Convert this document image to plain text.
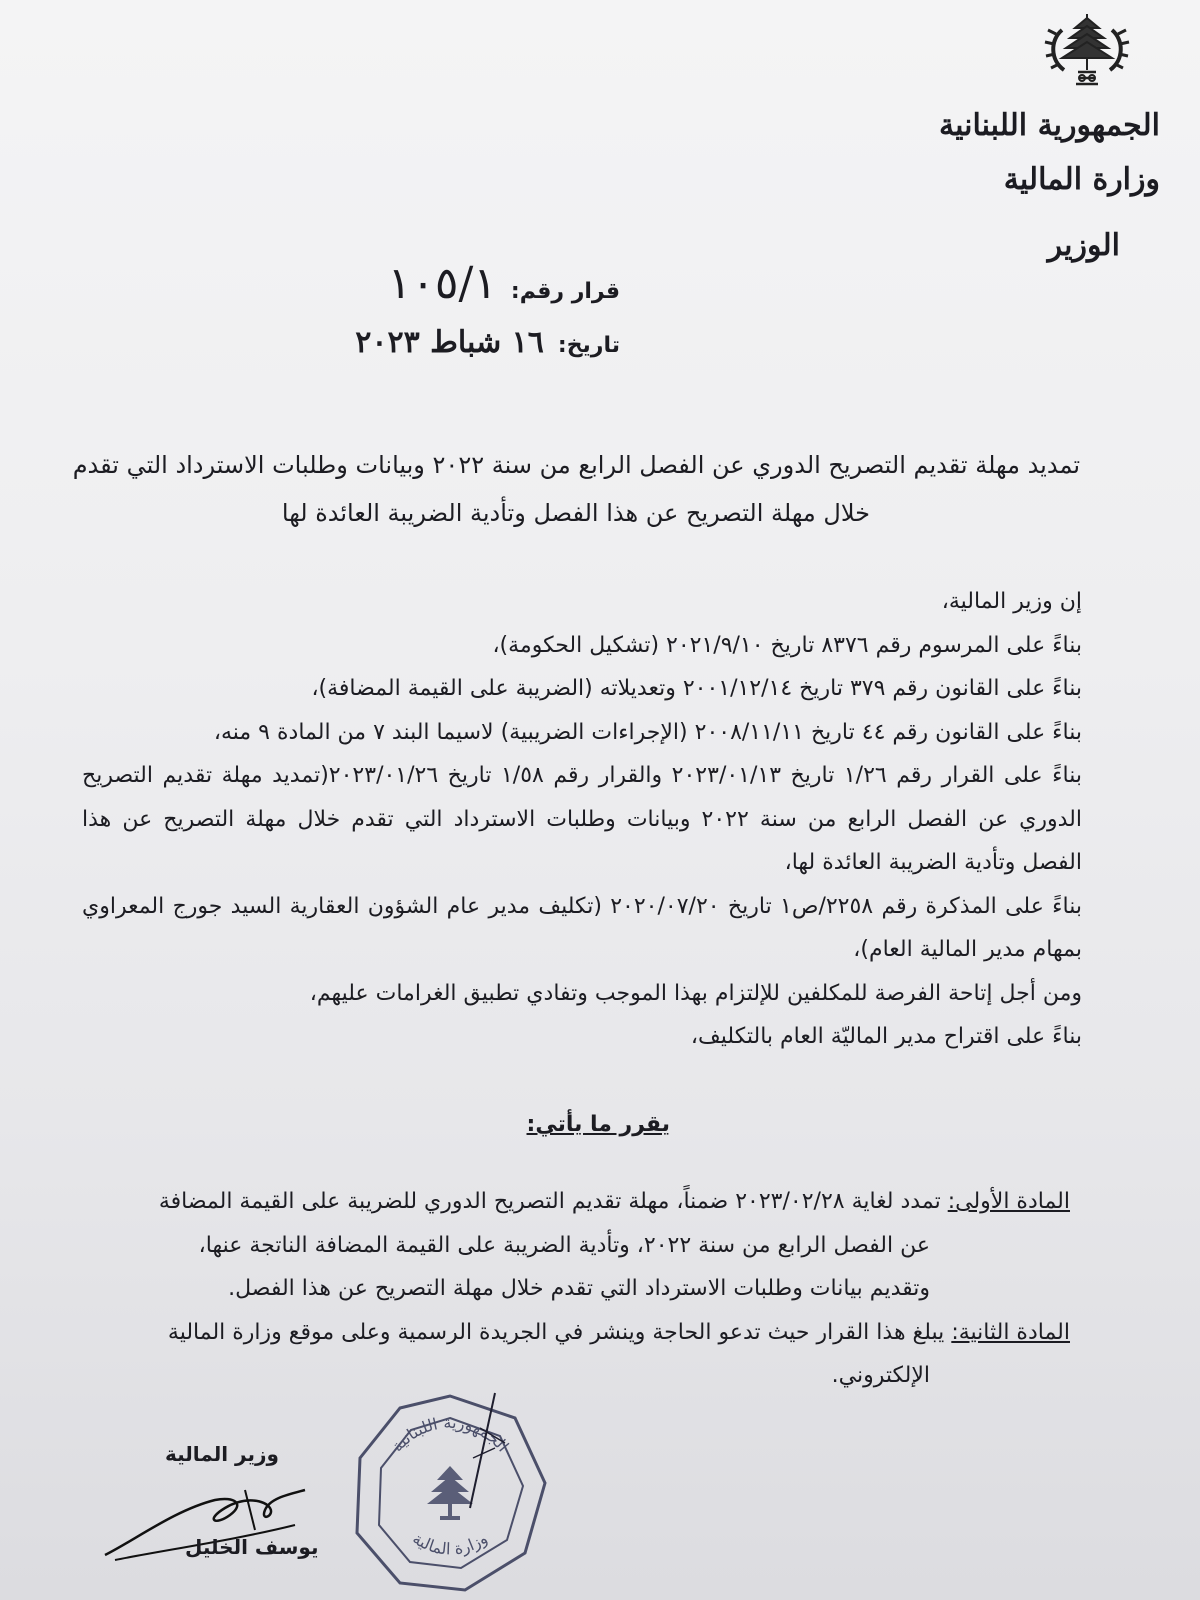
الجمهورية اللبنانية
وزارة المالية
الوزير
قرار رقم:
١٠٥/١
تاريخ:
١٦ شباط ٢٠٢٣
تمديد مهلة تقديم التصريح الدوري عن الفصل الرابع من سنة ٢٠٢٢ وبيانات وطلبات الاسترداد التي تقدم
خلال مهلة التصريح عن هذا الفصل وتأدية الضريبة العائدة لها

إن وزير المالية،

بناءً على المرسوم رقم ٨٣٧٦ تاريخ ٢٠٢١/٩/١٠ (تشكيل الحكومة)،

بناءً على القانون رقم ٣٧٩ تاريخ ٢٠٠١/١٢/١٤ وتعديلاته (الضريبة على القيمة المضافة)،

بناءً على القانون رقم ٤٤ تاريخ ٢٠٠٨/١١/١١ (الإجراءات الضريبية) لاسيما البند ٧ من المادة ٩ منه،

بناءً على القرار رقم ١/٢٦ تاريخ ٢٠٢٣/٠١/١٣ والقرار رقم ١/٥٨ تاريخ ٢٠٢٣/٠١/٢٦(تمديد مهلة تقديم التصريح الدوري عن الفصل الرابع من سنة ٢٠٢٢ وبيانات وطلبات الاسترداد التي تقدم خلال مهلة التصريح عن هذا الفصل وتأدية الضريبة العائدة لها،

بناءً على المذكرة رقم ٢٢٥٨/ص١ تاريخ ٢٠٢٠/٠٧/٢٠ (تكليف مدير عام الشؤون العقارية السيد جورج المعراوي بمهام مدير المالية العام)،

ومن أجل إتاحة الفرصة للمكلفين للإلتزام بهذا الموجب وتفادي تطبيق الغرامات عليهم،

بناءً على اقتراح مدير الماليّة العام بالتكليف،

يقرر ما يأتي:
المادة الأولى: تمدد لغاية ٢٠٢٣/٠٢/٢٨ ضمناً، مهلة تقديم التصريح الدوري للضريبة على القيمة المضافة
عن الفصل الرابع من سنة ٢٠٢٢، وتأدية الضريبة على القيمة المضافة الناتجة عنها،
وتقديم بيانات وطلبات الاسترداد التي تقدم خلال مهلة التصريح عن هذا الفصل.
المادة الثانية: يبلغ هذا القرار حيث تدعو الحاجة وينشر في الجريدة الرسمية وعلى موقع وزارة المالية
الإلكتروني.
الجمهورية اللبنانية
وزارة المالية
وزير المالية
يوسف الخليل
